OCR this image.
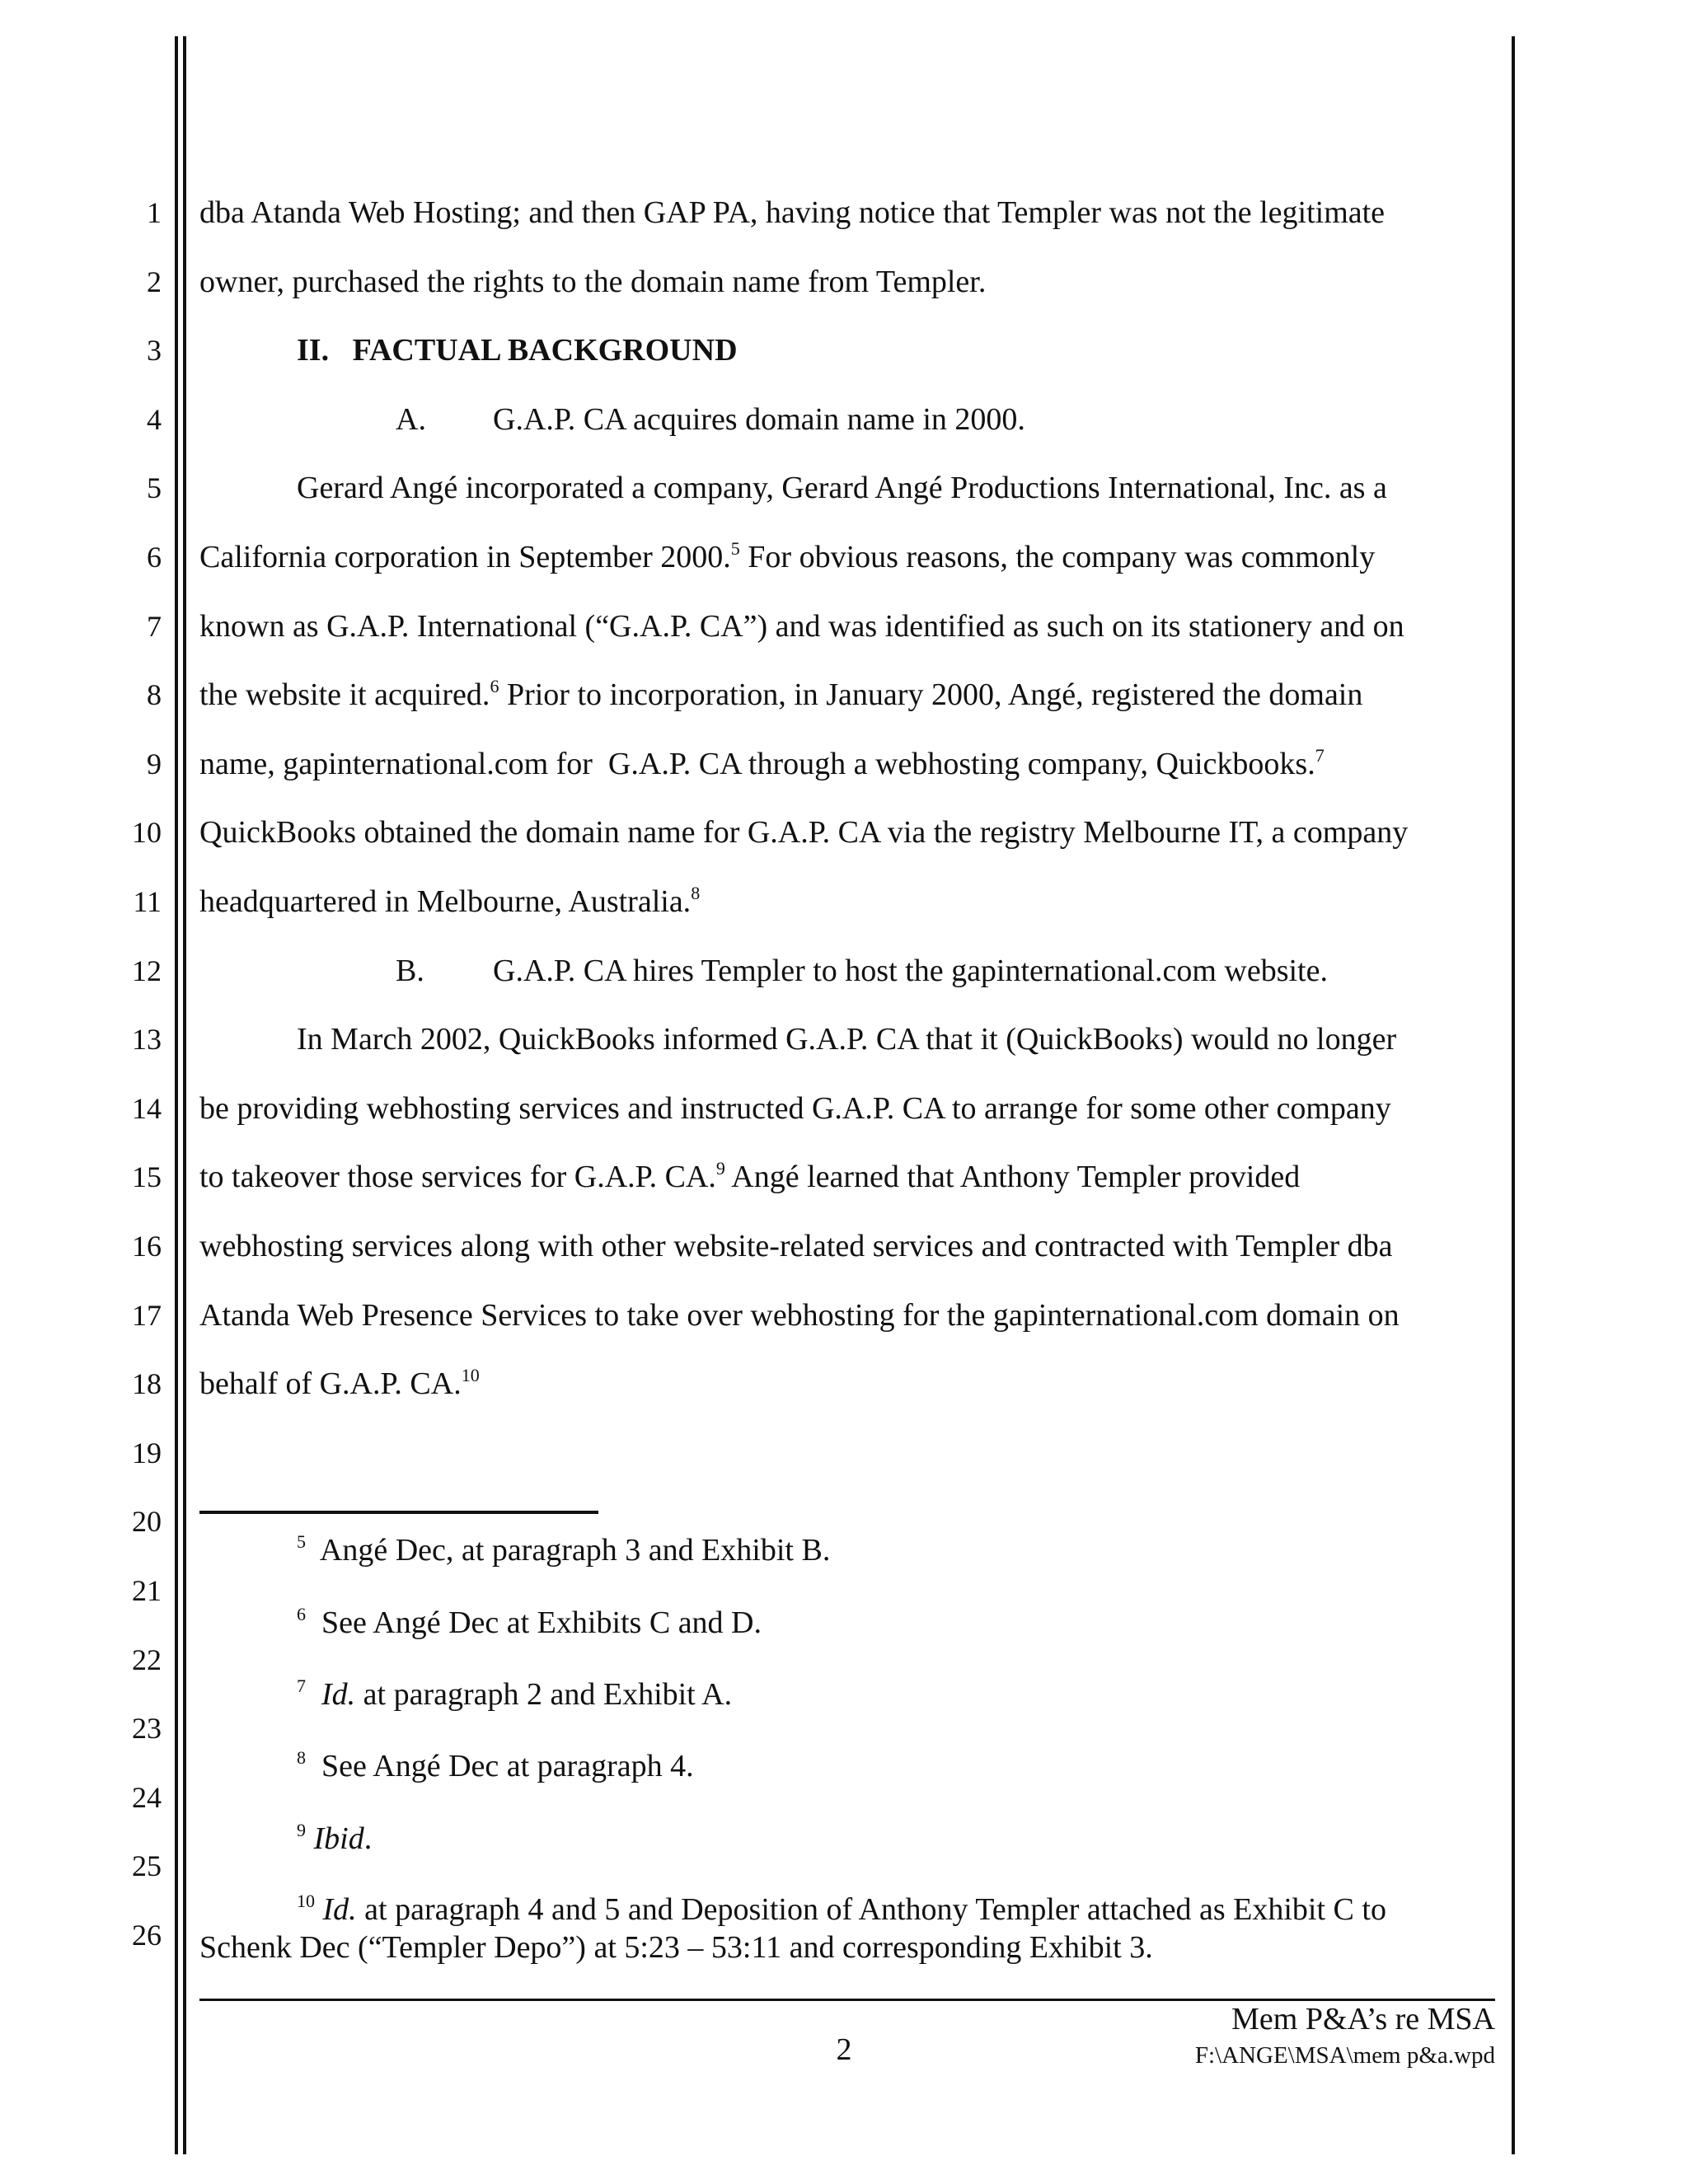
1
2
3
4
5
6
7
8
9
10
11
12
13
14
15
16
17
18
19
20
21
22
23
24
25
26
dba Atanda Web Hosting; and then GAP PA, having notice that Templer was not the legitimate
owner, purchased the rights to the domain name from Templer.
II.   FACTUAL BACKGROUND
A. G.A.P. CA acquires domain name in 2000.
Gerard Angé incorporated a company, Gerard Angé Productions International, Inc. as a
California corporation in September 2000.$^5$ For obvious reasons, the company was commonly
known as G.A.P. International (“G.A.P. CA”) and was identified as such on its stationery and on
the website it acquired.$^6$ Prior to incorporation, in January 2000, Angé, registered the domain
name, gapinternational.com for  G.A.P. CA through a webhosting company, Quickbooks.$^7$
QuickBooks obtained the domain name for G.A.P. CA via the registry Melbourne IT, a company
headquartered in Melbourne, Australia.$^8$
B. G.A.P. CA hires Templer to host the gapinternational.com website.
In March 2002, QuickBooks informed G.A.P. CA that it (QuickBooks) would no longer
be providing webhosting services and instructed G.A.P. CA to arrange for some other company
to takeover those services for G.A.P. CA.$^9$ Angé learned that Anthony Templer provided
webhosting services along with other website-related services and contracted with Templer dba
Atanda Web Presence Services to take over webhosting for the gapinternational.com domain on
behalf of G.A.P. CA.$^{10}$
$^5$ Angé Dec, at paragraph 3 and Exhibit B.
$^6$ See Angé Dec at Exhibits C and D.
$^7$ Id. at paragraph 2 and Exhibit A.
$^8$ See Angé Dec at paragraph 4.
$^9$ Ibid.
$^{10}$ Id. at paragraph 4 and 5 and Deposition of Anthony Templer attached as Exhibit C to
Schenk Dec (“Templer Depo”) at 5:23 – 53:11 and corresponding Exhibit 3.
2
Mem P&A’s re MSA
F:\ANGE\MSA\mem p&a.wpd
